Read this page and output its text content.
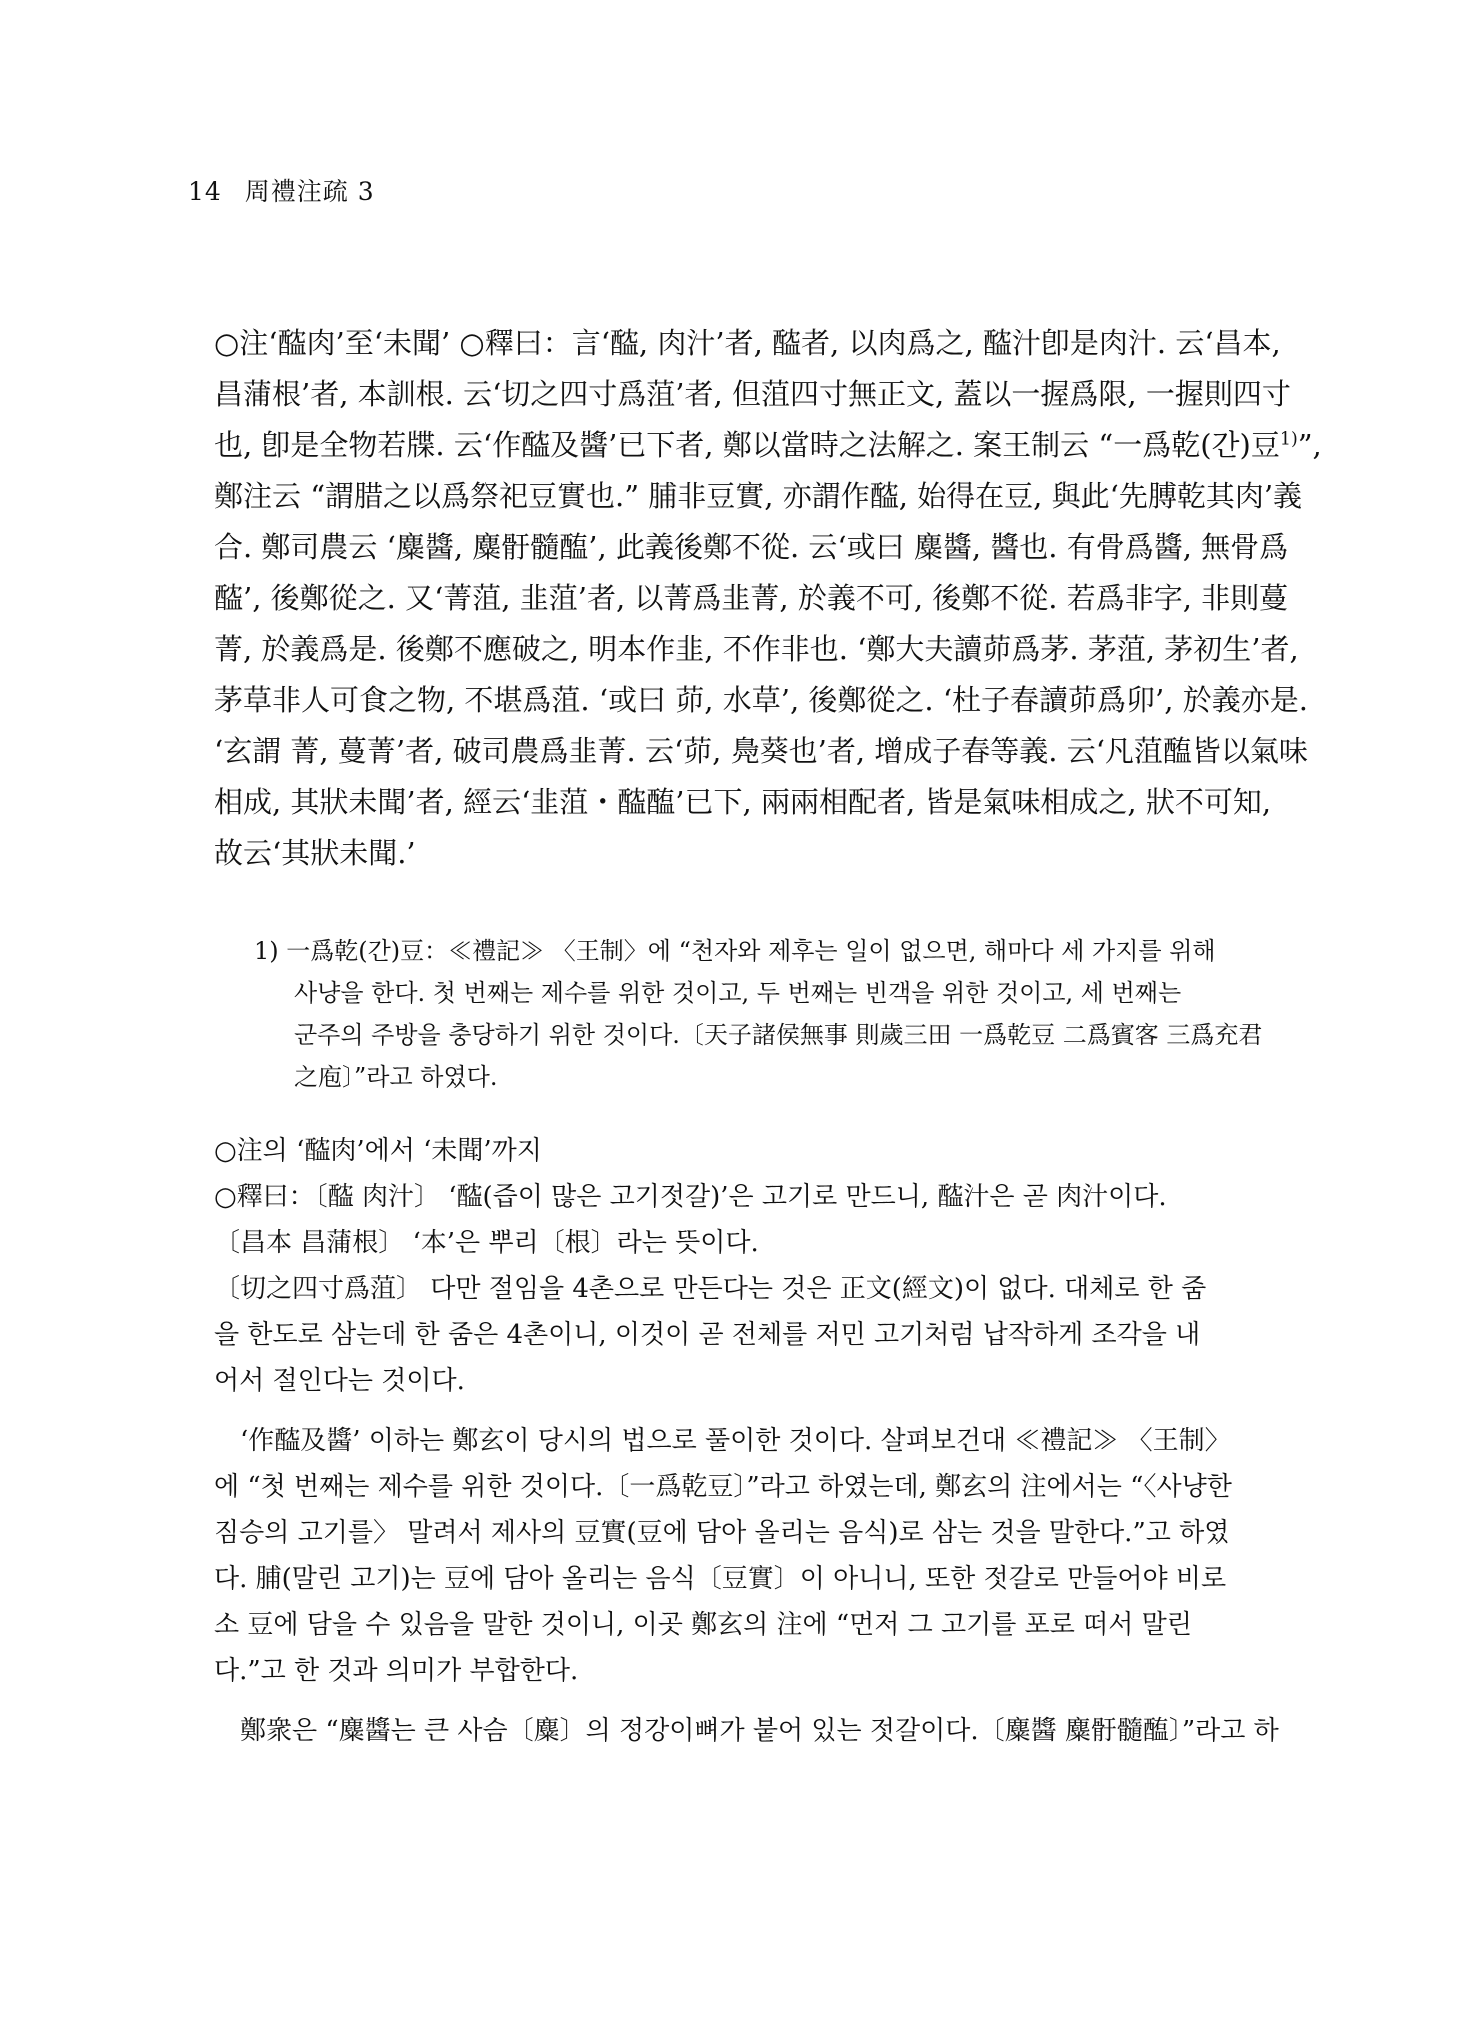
14 周禮注疏 3
○注‘醓肉’至‘未聞’ ○釋曰：言‘醓, 肉汁’者, 醓者, 以肉爲之, 醓汁卽是肉汁. 云‘昌本,
昌蒲根’者, 本訓根. 云‘切之四寸爲菹’者, 但菹四寸無正文, 蓋以一握爲限, 一握則四寸
也, 卽是全物若牒. 云‘作醓及醬’已下者, 鄭以當時之法解之. 案王制云 “一爲乾(간)豆$^{1)}$”,
鄭注云 “謂腊之以爲祭祀豆實也.” 脯非豆實, 亦謂作醓, 始得在豆, 與此‘先膊乾其肉’義
合. 鄭司農云 ‘麋醬, 麋骬髓醢’, 此義後鄭不從. 云‘或曰 麋醬, 醬也. 有骨爲醬, 無骨爲
醓’, 後鄭從之. 又‘菁菹, 韭菹’者, 以菁爲韭菁, 於義不可, 後鄭不從. 若爲非字, 非則蔓
菁, 於義爲是. 後鄭不應破之, 明本作韭, 不作非也. ‘鄭大夫讀茆爲茅. 茅菹, 茅初生’者,
茅草非人可食之物, 不堪爲菹. ‘或曰 茆, 水草’, 後鄭從之. ‘杜子春讀茆爲卯’, 於義亦是.
‘玄謂 菁, 蔓菁’者, 破司農爲韭菁. 云‘茆, 鳧葵也’者, 增成子春等義. 云‘凡菹醢皆以氣味
相成, 其狀未聞’者, 經云‘韭菹・醓醢’已下, 兩兩相配者, 皆是氣味相成之, 狀不可知,
故云‘其狀未聞.’
1) 一爲乾(간)豆：≪禮記≫ 〈王制〉에 “천자와 제후는 일이 없으면, 해마다 세 가지를 위해
사냥을 한다. 첫 번째는 제수를 위한 것이고, 두 번째는 빈객을 위한 것이고, 세 번째는
군주의 주방을 충당하기 위한 것이다.〔天子諸侯無事 則歲三田 一爲乾豆 二爲賓客 三爲充君
之庖〕”라고 하였다.
○注의 ‘醓肉’에서 ‘未聞’까지
○釋曰：〔醓 肉汁〕 ‘醓(즙이 많은 고기젓갈)’은 고기로 만드니, 醓汁은 곧 肉汁이다.
〔昌本 昌蒲根〕 ‘本’은 뿌리〔根〕라는 뜻이다.
〔切之四寸爲菹〕 다만 절임을 4촌으로 만든다는 것은 正文(經文)이 없다. 대체로 한 줌
을 한도로 삼는데 한 줌은 4촌이니, 이것이 곧 전체를 저민 고기처럼 납작하게 조각을 내
어서 절인다는 것이다.
‘作醓及醬’ 이하는 鄭玄이 당시의 법으로 풀이한 것이다. 살펴보건대 ≪禮記≫ 〈王制〉
에 “첫 번째는 제수를 위한 것이다.〔一爲乾豆〕”라고 하였는데, 鄭玄의 注에서는 “〈사냥한
짐승의 고기를〉 말려서 제사의 豆實(豆에 담아 올리는 음식)로 삼는 것을 말한다.”고 하였
다. 脯(말린 고기)는 豆에 담아 올리는 음식〔豆實〕이 아니니, 또한 젓갈로 만들어야 비로
소 豆에 담을 수 있음을 말한 것이니, 이곳 鄭玄의 注에 “먼저 그 고기를 포로 떠서 말린
다.”고 한 것과 의미가 부합한다.
鄭衆은 “麋醬는 큰 사슴〔麋〕의 정강이뼈가 붙어 있는 젓갈이다.〔麋醬 麋骬髓醢〕”라고 하
